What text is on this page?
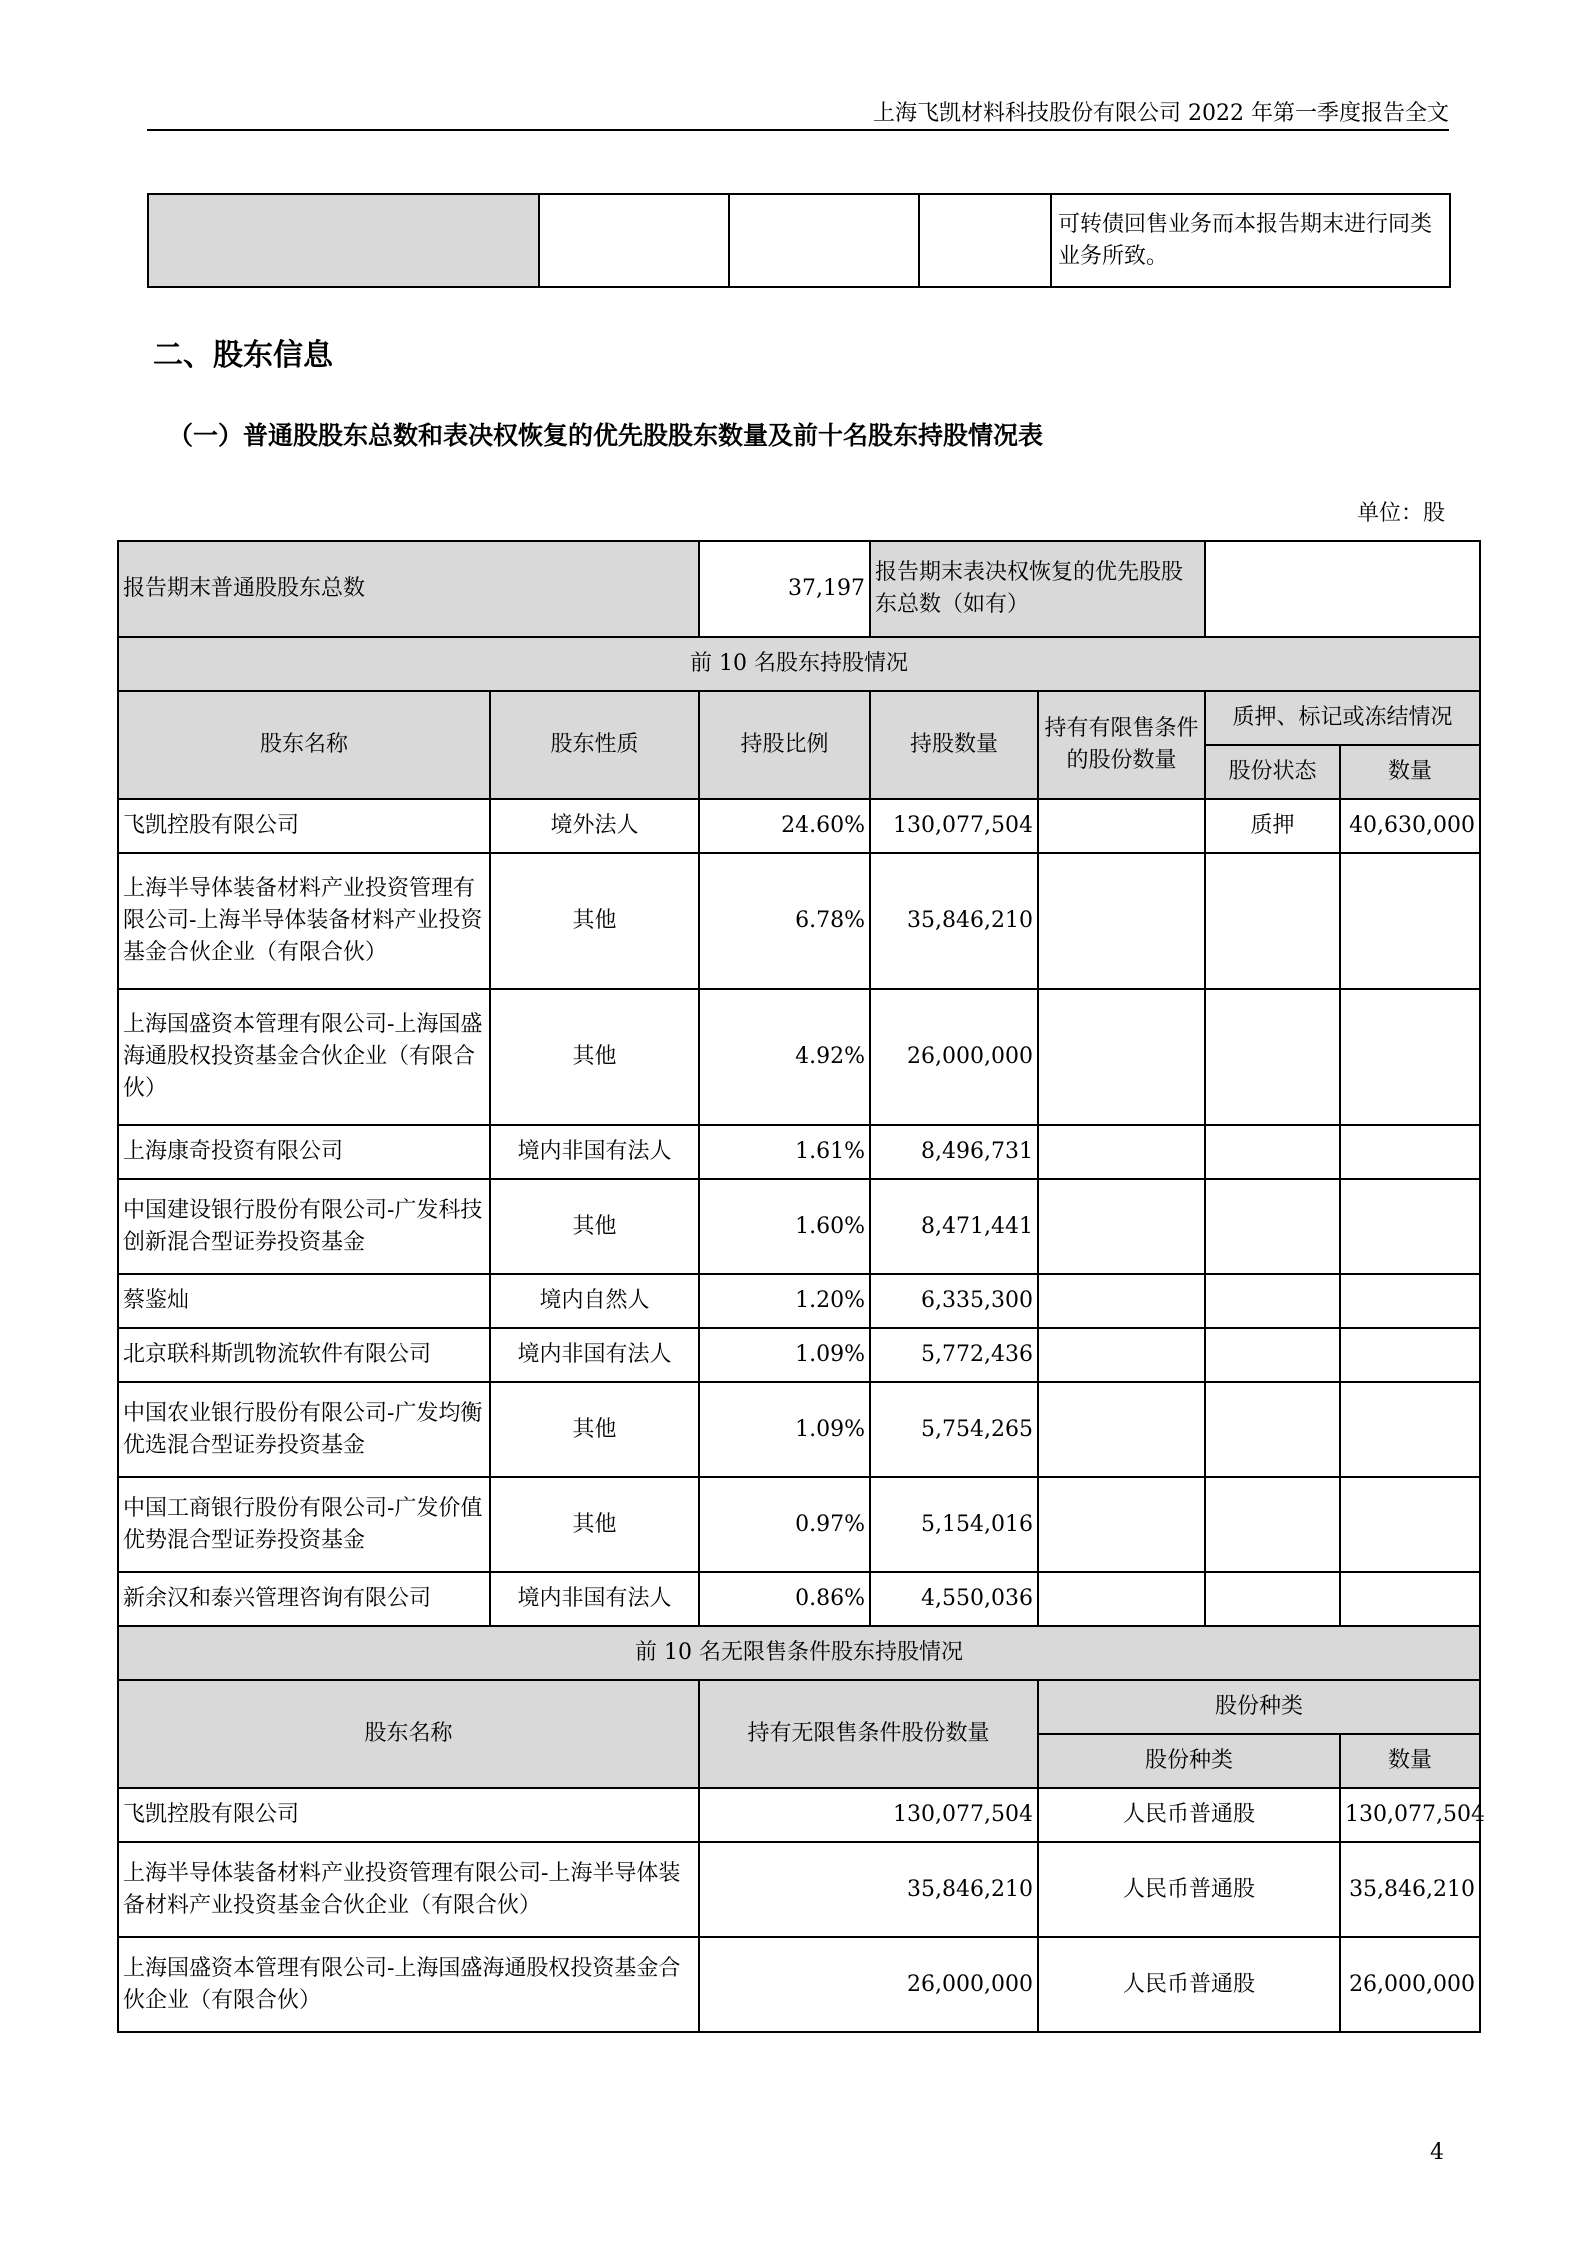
上海飞凯材料科技股份有限公司 2022 年第一季度报告全文
				可转债回售业务而本报告期末进行同类业务所致。
二、股东信息
（一）普通股股东总数和表决权恢复的优先股股东数量及前十名股东持股情况表
单位：股
报告期末普通股股东总数		37,197	报告期末表决权恢复的优先股股东总数（如有）			
前 10 名股东持股情况						
股东名称	股东性质	持股比例	持股数量	持有有限售条件的股份数量	质押、标记或冻结情况	
					股份状态	数量
飞凯控股有限公司	境外法人	24.60%	130,077,504		质押	40,630,000
上海半导体装备材料产业投资管理有限公司-上海半导体装备材料产业投资基金合伙企业（有限合伙）	其他	6.78%	35,846,210			
上海国盛资本管理有限公司-上海国盛海通股权投资基金合伙企业（有限合伙）	其他	4.92%	26,000,000			
上海康奇投资有限公司	境内非国有法人	1.61%	8,496,731			
中国建设银行股份有限公司-广发科技创新混合型证券投资基金	其他	1.60%	8,471,441			
蔡鉴灿	境内自然人	1.20%	6,335,300			
北京联科斯凯物流软件有限公司	境内非国有法人	1.09%	5,772,436			
中国农业银行股份有限公司-广发均衡优选混合型证券投资基金	其他	1.09%	5,754,265			
中国工商银行股份有限公司-广发价值优势混合型证券投资基金	其他	0.97%	5,154,016			
新余汉和泰兴管理咨询有限公司	境内非国有法人	0.86%	4,550,036			
前 10 名无限售条件股东持股情况						
股东名称		持有无限售条件股份数量		股份种类		
				股份种类		数量
飞凯控股有限公司		130,077,504		人民币普通股		130,077,504
上海半导体装备材料产业投资管理有限公司-上海半导体装备材料产业投资基金合伙企业（有限合伙）		35,846,210		人民币普通股		35,846,210
上海国盛资本管理有限公司-上海国盛海通股权投资基金合伙企业（有限合伙）		26,000,000		人民币普通股		26,000,000
4
